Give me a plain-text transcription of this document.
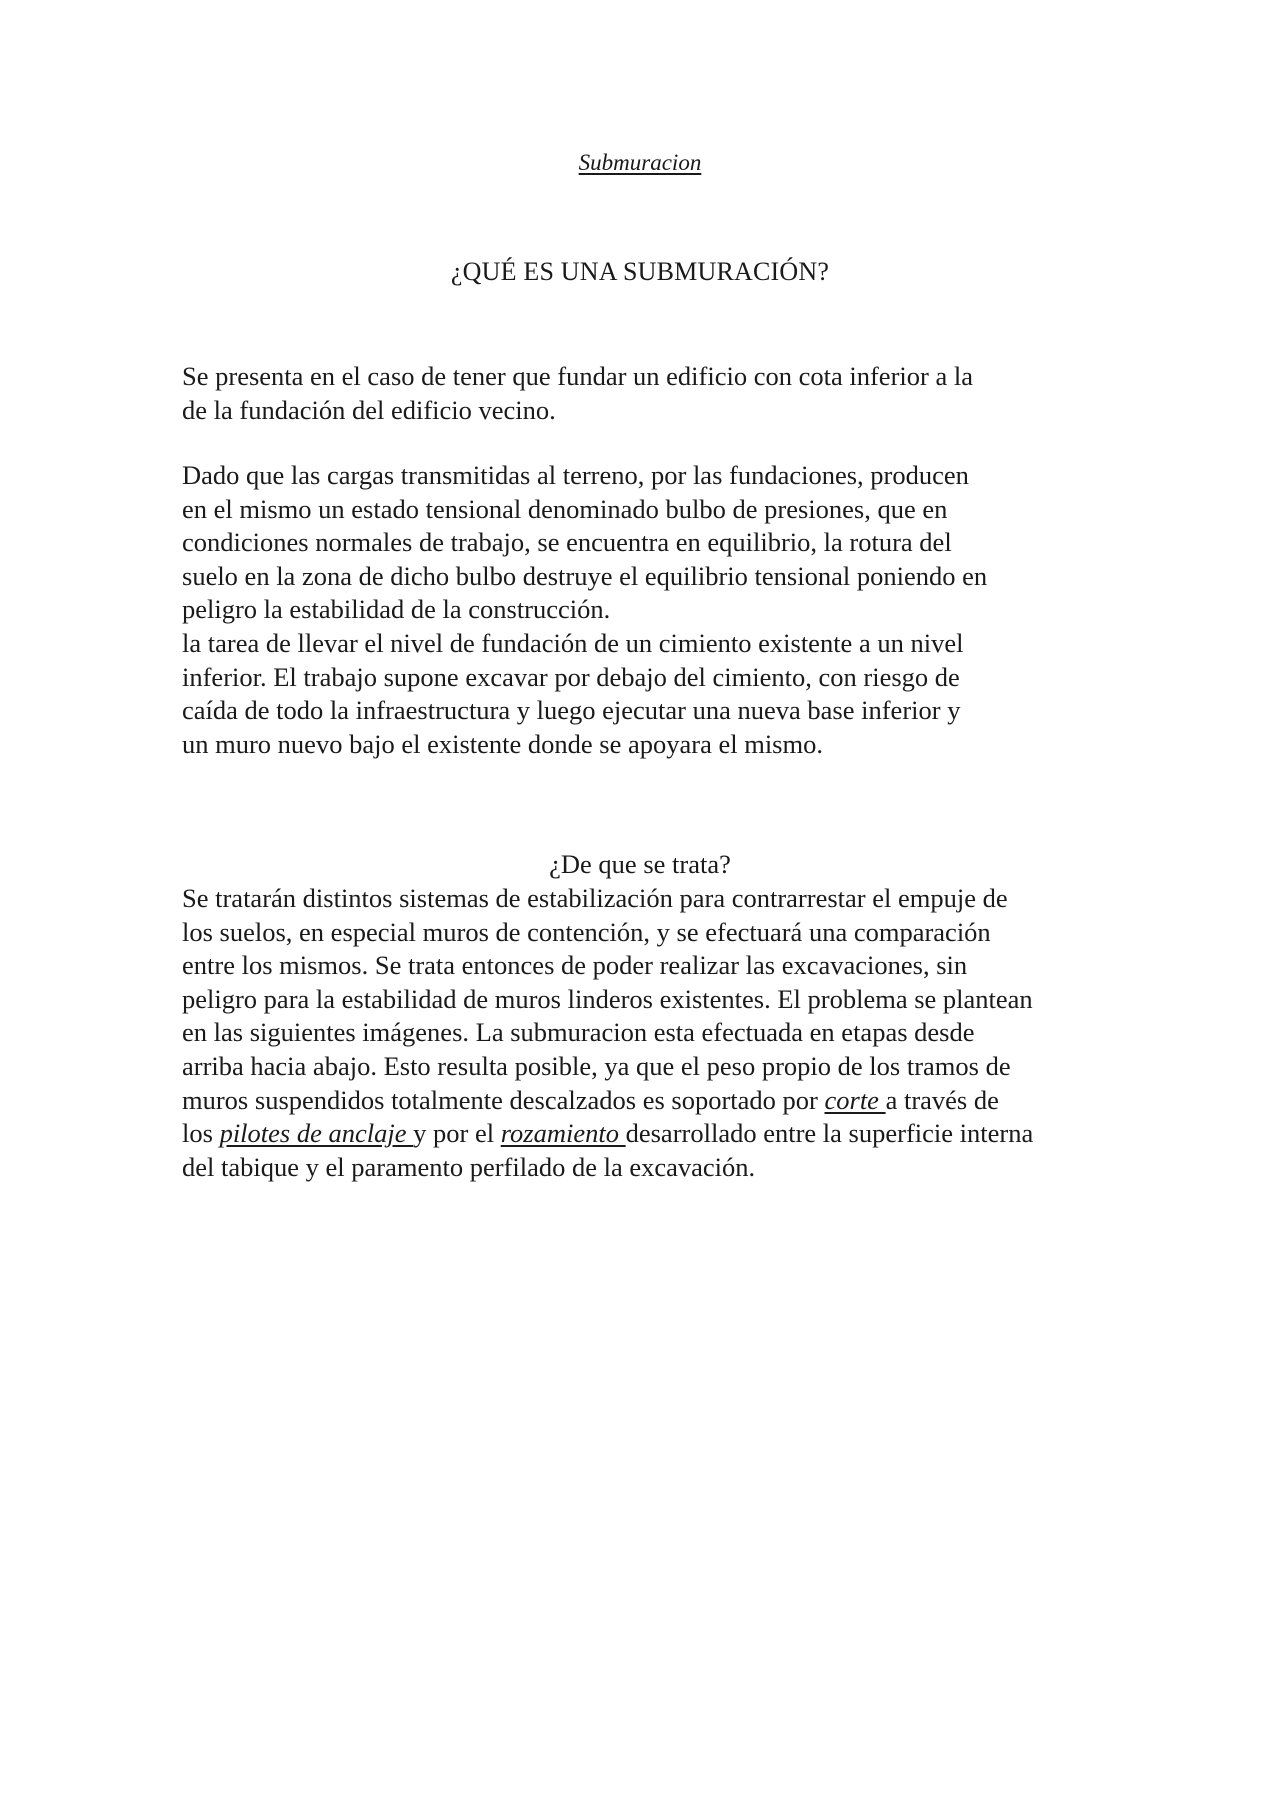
Submuracion
¿QUÉ ES UNA SUBMURACIÓN?

Se presenta en el caso de tener que fundar un edificio con cota inferior a la
de la fundación del edificio vecino.

Dado que las cargas transmitidas al terreno, por las fundaciones, producen
en el mismo un estado tensional denominado bulbo de presiones, que en
condiciones normales de trabajo, se encuentra en equilibrio, la rotura del
suelo en la zona de dicho bulbo destruye el equilibrio tensional poniendo en
peligro la estabilidad de la construcción.

la tarea de llevar el nivel de fundación de un cimiento existente a un nivel
inferior. El trabajo supone excavar por debajo del cimiento, con riesgo de
caída de todo la infraestructura y luego ejecutar una nueva base inferior y
un muro nuevo bajo el existente donde se apoyara el mismo.

¿De que se trata?

Se tratarán distintos sistemas de estabilización para contrarrestar el empuje de
los suelos, en especial muros de contención, y se efectuará una comparación
entre los mismos. Se trata entonces de poder realizar las excavaciones, sin
peligro para la estabilidad de muros linderos existentes. El problema se plantean
en las siguientes imágenes. La submuracion esta efectuada en etapas desde
arriba hacia abajo. Esto resulta posible, ya que el peso propio de los tramos de
muros suspendidos totalmente descalzados es soportado por corte a través de
los pilotes de anclaje y por el rozamiento desarrollado entre la superficie interna
del tabique y el paramento perfilado de la excavación.
